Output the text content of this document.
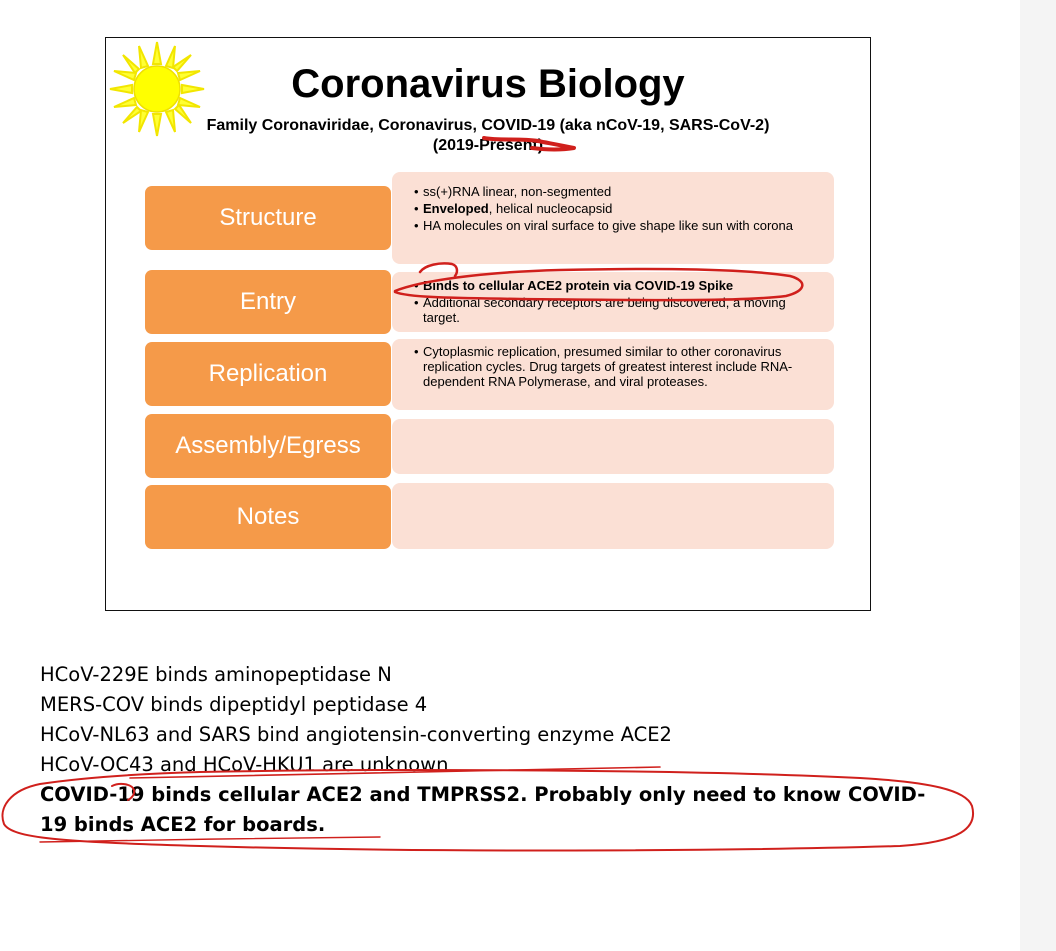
Coronavirus Biology
Family Coronaviridae, Coronavirus, COVID-19 (aka nCoV-19, SARS-CoV-2)
(2019-Present)
Structure
• ss(+)RNA linear, non-segmented
• Enveloped, helical nucleocapsid
• HA molecules on viral surface to give shape like sun with corona
Entry
• Binds to cellular ACE2 protein via COVID-19 Spike
• Additional secondary receptors are being discovered, a moving target.
Replication
• Cytoplasmic replication, presumed similar to other coronavirus replication cycles. Drug targets of greatest interest include RNA-dependent RNA Polymerase, and viral proteases.
Assembly/Egress
Notes
HCoV-229E binds aminopeptidase N
MERS-COV binds dipeptidyl peptidase 4
HCoV-NL63 and SARS bind angiotensin-converting enzyme ACE2
HCoV-OC43 and HCoV-HKU1 are unknown
COVID-19 binds cellular ACE2 and TMPRSS2. Probably only need to know COVID-19 binds ACE2 for boards.
